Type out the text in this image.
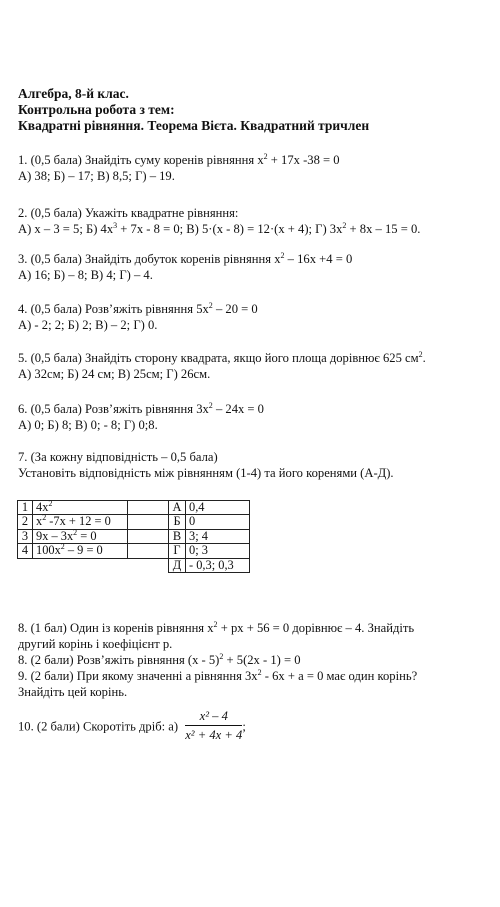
Алгебра, 8-й клас.
Контрольна робота з тем:
Квадратні рівняння. Теорема Вієта. Квадратний тричлен
1. (0,5 бала) Знайдіть суму коренів рівняння $x^2 + 17x$ -38 = 0
А) 38; Б) – 17; В) 8,5; Г) – 19.
2. (0,5 бала) Укажіть квадратне рівняння:
А) x – 3 = 5; Б) $4x^3 + 7x - 8 = 0$; В) 5·(x - 8) = 12·(x + 4); Г) $3x^2 + 8x - 15 = 0$.
3. (0,5 бала) Знайдіть добуток коренів рівняння $x^2 - 16x +4 = 0$
А) 16; Б) – 8; В) 4; Г) – 4.
4. (0,5 бала) Розв’яжіть рівняння $5x^2 - 20 = 0$
А) - 2; 2; Б) 2; В) – 2; Г) 0.
5. (0,5 бала) Знайдіть сторону квадрата, якщо його площа дорівнює 625 $см^2$.
А) 32см; Б) 24 см; В) 25см; Г) 26см.
6. (0,5 бала) Розв’яжіть рівняння $3x^2 - 24x = 0$
А) 0; Б) 8; В) 0; - 8; Г) 0;8.
7. (За кожну відповідність – 0,5 бала)
Установіть відповідність між рівнянням (1-4) та його коренями (А-Д).
1	$4x^2$		А	0,4
2	$x^2$ -7x + 12 = 0		Б	0
3	$9x - 3x^2 = 0$		В	3; 4
4	$100x^2 - 9 = 0$		Г	0; 3
			Д	- 0,3; 0,3
8. (1 бал) Один із коренів рівняння $x^2$ + px + 56 = 0 дорівнює – 4. Знайдіть
другий корінь і коефіцієнт p.
8. (2 бали) Розв’яжіть рівняння (x - 5)$^2$ + 5(2x - 1) = 0
9. (2 бали) При якому значенні а рівняння $3x^2 - 6x + a = 0$ має один корінь?
Знайдіть цей корінь.
10. (2 бали) Скоротіть дріб: $а) \frac{\text{x² – 4}}{\text{x² + 4x + 4}}$ ;
